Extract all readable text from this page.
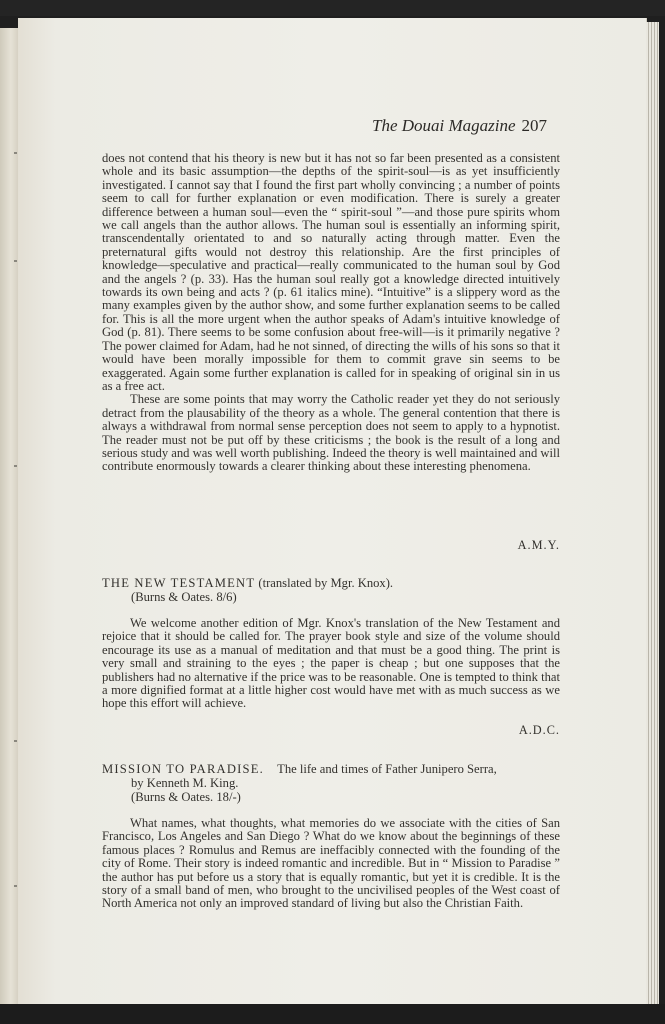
The Douai Magazine 207

does not contend that his theory is new but it has not so far been presented as a consistent whole and its basic assumption—the depths of the spirit-soul—is as yet insufficiently investigated. I cannot say that I found the first part wholly convincing ; a number of points seem to call for further explanation or even modification. There is surely a greater difference between a human soul—even the “ spirit-soul ”—and those pure spirits whom we call angels than the author allows. The human soul is essentially an informing spirit, transcendentally orientated to and so naturally acting through matter. Even the preternatural gifts would not destroy this relationship. Are the first principles of knowledge—speculative and practical—really communicated to the human soul by God and the angels ? (p. 33). Has the human soul really got a knowledge directed intuitively towards its own being and acts ? (p. 61 italics mine). “Intuitive” is a slippery word as the many examples given by the author show, and some further explanation seems to be called for. This is all the more urgent when the author speaks of Adam's intuitive knowledge of God (p. 81). There seems to be some confusion about free-will—is it primarily negative ? The power claimed for Adam, had he not sinned, of directing the wills of his sons so that it would have been morally impossible for them to commit grave sin seems to be exaggerated. Again some further explanation is called for in speaking of original sin in us as a free act.

These are some points that may worry the Catholic reader yet they do not seriously detract from the plausability of the theory as a whole. The general contention that there is always a withdrawal from normal sense perception does not seem to apply to a hypnotist. The reader must not be put off by these criticisms ; the book is the result of a long and serious study and was well worth publishing. Indeed the theory is well maintained and will contribute enormously towards a clearer thinking about these interesting phenomena.

A.M.Y.
THE NEW TESTAMENT (translated by Mgr. Knox).
(Burns & Oates. 8/6)

We welcome another edition of Mgr. Knox's translation of the New Testament and rejoice that it should be called for. The prayer book style and size of the volume should encourage its use as a manual of meditation and that must be a good thing. The print is very small and straining to the eyes ; the paper is cheap ; but one supposes that the publishers had no alternative if the price was to be reasonable. One is tempted to think that a more dignified format at a little higher cost would have met with as much success as we hope this effort will achieve.

A.D.C.
MISSION TO PARADISE. The life and times of Father Junipero Serra,
by Kenneth M. King.
(Burns & Oates. 18/-)

What names, what thoughts, what memories do we associate with the cities of San Francisco, Los Angeles and San Diego ? What do we know about the beginnings of these famous places ? Romulus and Remus are ineffacibly connected with the founding of the city of Rome. Their story is indeed romantic and incredible. But in “ Mission to Paradise ” the author has put before us a story that is equally romantic, but yet it is credible. It is the story of a small band of men, who brought to the uncivilised peoples of the West coast of North America not only an improved standard of living but also the Christian Faith.
